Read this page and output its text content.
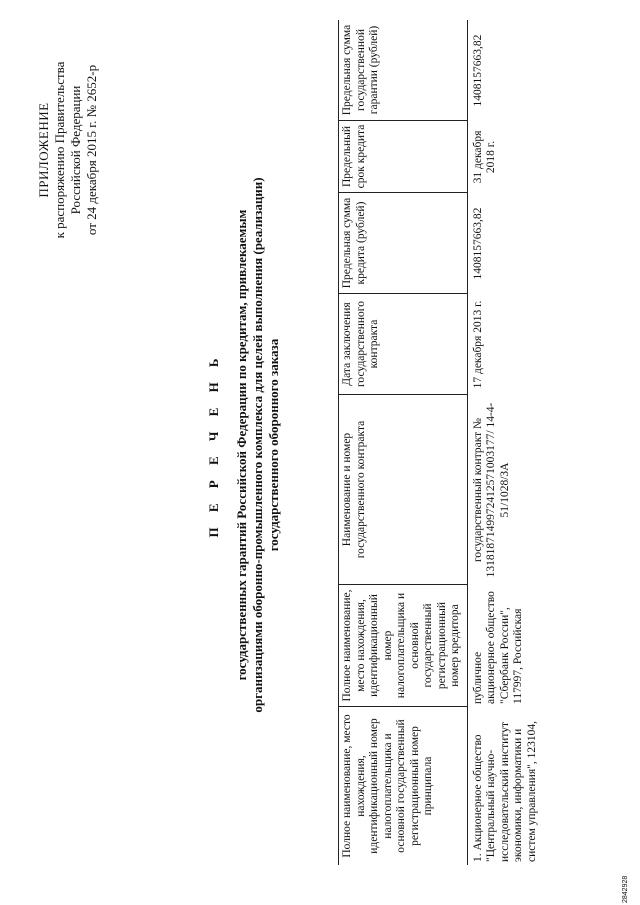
ПРИЛОЖЕНИЕ к распоряжению Правительства Российской Федерации от 24 декабря 2015 г. № 2652-р
П Е Р Е Ч Е Н Ь государственных гарантий Российской Федерации по кредитам, привлекаемым организациями оборонно-промышленного комплекса для целей выполнения (реализации) государственного оборонного заказа
Полное наименование, место нахождения, идентификационный номер налогоплательщика и основной государственный регистрационный номер принципала
Полное наименование, место нахождения, идентификационный номер налогоплательщика и основной государственный регистрационный номер кредитора
Наименование и номер государственного контракта
Дата заключения государственного контракта
Предельная сумма кредита (рублей)
Предельный срок кредита
Предельная сумма государственной гарантии (рублей)
1. Акционерное общество "Центральный научно-исследовательский институт экономики, информатики и систем управления", 123104,
публичное акционерное общество "Сбербанк России", 117997, Российская
государственный контракт № 1318187149972412571003177/ 14-4-51/1028/ЗА
17 декабря 2013 г.
1408157663,82
31 декабря 2018 г.
1408157663,82
2842928
